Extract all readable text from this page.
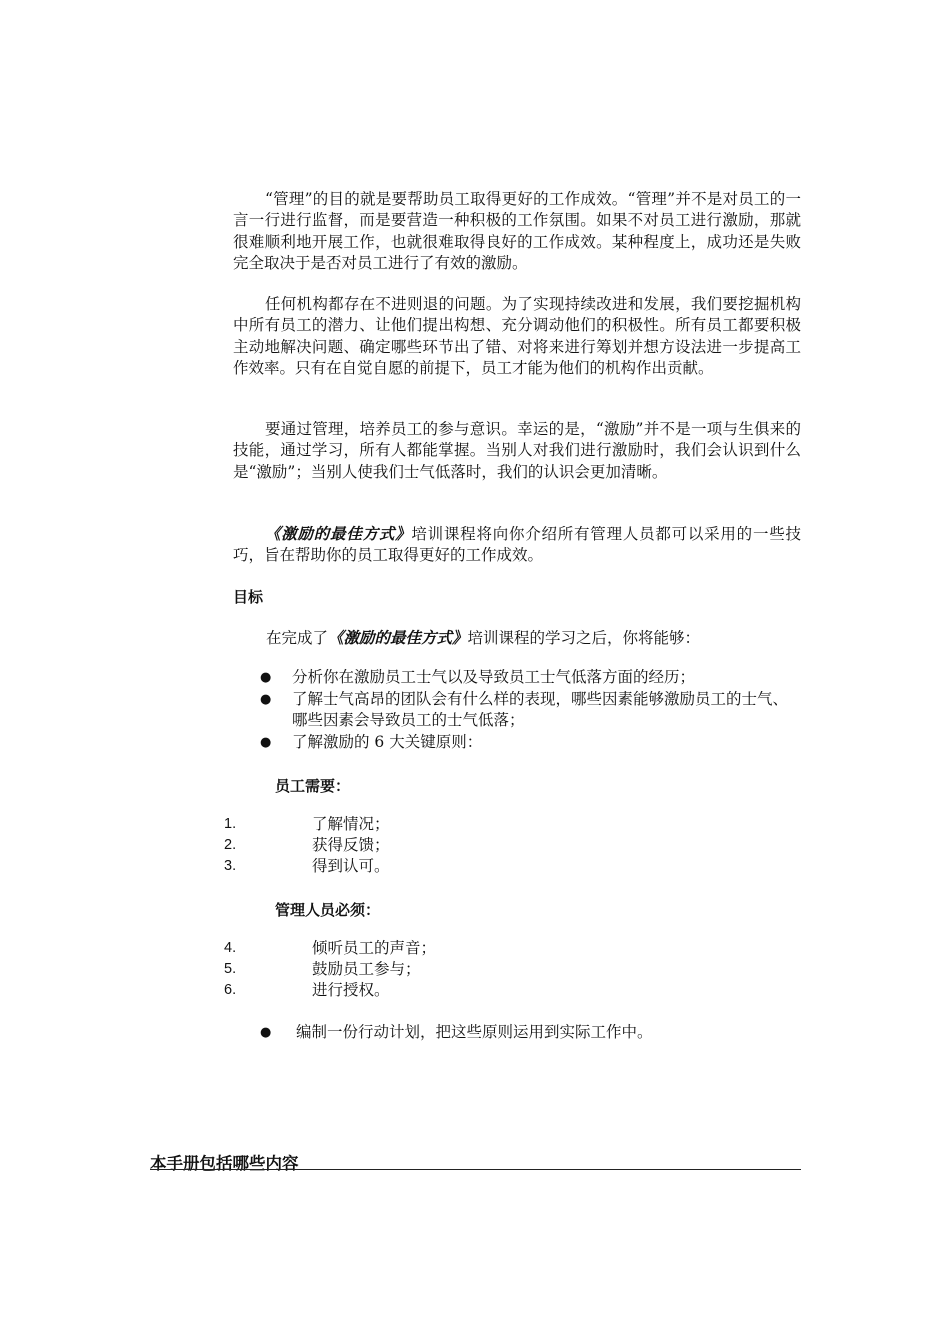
“管理”的目的就是要帮助员工取得更好的工作成效。“管理”并不是对员工的一言一行进行监督，而是要营造一种积极的工作氛围。如果不对员工进行激励，那就很难顺利地开展工作，也就很难取得良好的工作成效。某种程度上，成功还是失败完全取决于是否对员工进行了有效的激励。

任何机构都存在不进则退的问题。为了实现持续改进和发展，我们要挖掘机构中所有员工的潜力、让他们提出构想、充分调动他们的积极性。所有员工都要积极主动地解决问题、确定哪些环节出了错、对将来进行筹划并想方设法进一步提高工作效率。只有在自觉自愿的前提下，员工才能为他们的机构作出贡献。

要通过管理，培养员工的参与意识。幸运的是，“激励”并不是一项与生俱来的技能，通过学习，所有人都能掌握。当别人对我们进行激励时，我们会认识到什么是“激励”；当别人使我们士气低落时，我们的认识会更加清晰。

《激励的最佳方式》培训课程将向你介绍所有管理人员都可以采用的一些技巧，旨在帮助你的员工取得更好的工作成效。

目标

在完成了《激励的最佳方式》培训课程的学习之后，你将能够：

● 分析你在激励员工士气以及导致员工士气低落方面的经历；

● 了解士气高昂的团队会有什么样的表现，哪些因素能够激励员工的士气、哪些因素会导致员工的士气低落；

● 了解激励的 6 大关键原则：

员工需要：
1.	了解情况；
2.	获得反馈；
3.	得到认可。
管理人员必须：
4.	倾听员工的声音；
5.	鼓励员工参与；
6.	进行授权。
● 编制一份行动计划，把这些原则运用到实际工作中。

本手册包括哪些内容
